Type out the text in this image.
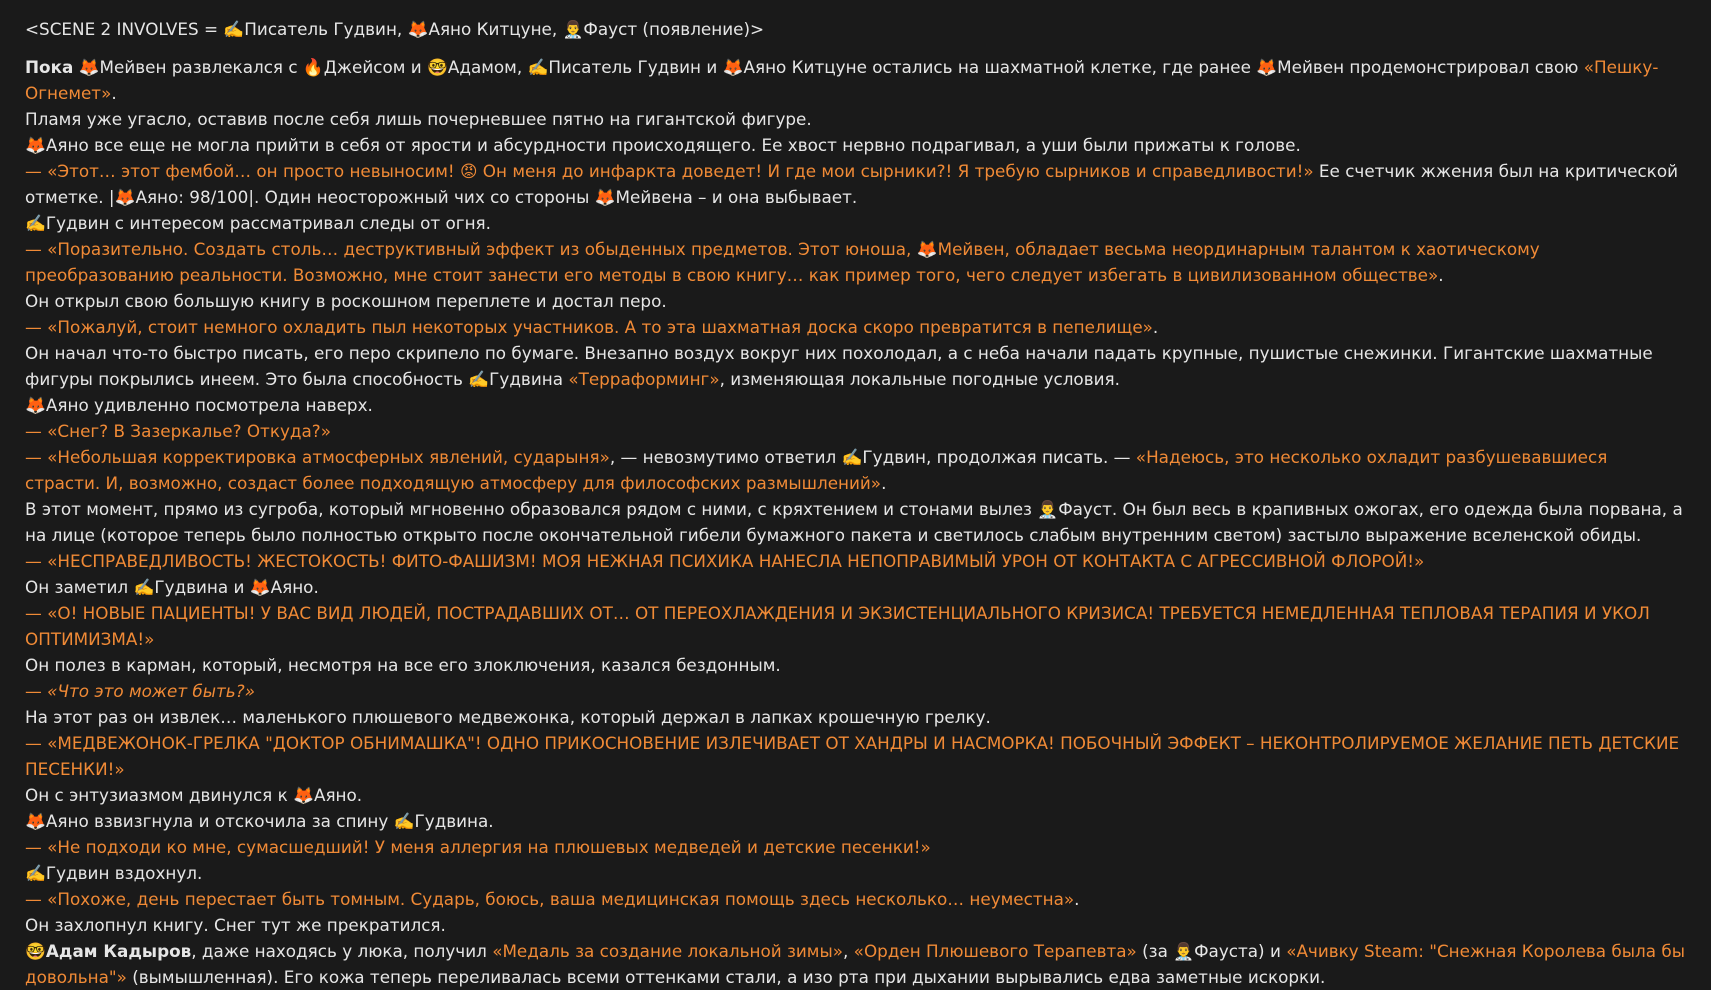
<SCENE 2 INVOLVES = ✍️Писатель Гудвин, 🦊Аяно Китцуне, 👨‍⚕️Фауст (появление)>
Пока 🦊Мейвен развлекался с 🔥Джейсом и 🤓Адамом, ✍️Писатель Гудвин и 🦊Аяно Китцуне остались на шахматной клетке, где ранее 🦊Мейвен продемонстрировал свою «Пешку-Огнемет».
Пламя уже угасло, оставив после себя лишь почерневшее пятно на гигантской фигуре.
🦊Аяно все еще не могла прийти в себя от ярости и абсурдности происходящего. Ее хвост нервно подрагивал, а уши были прижаты к голове.
— «Этот… этот фембой… он просто невыносим! 😡 Он меня до инфаркта доведет! И где мои сырники?! Я требую сырников и справедливости!» Ее счетчик жжения был на критической отметке. |🦊Аяно: 98/100|. Один неосторожный чих со стороны 🦊Мейвена – и она выбывает.
✍️Гудвин с интересом рассматривал следы от огня.
— «Поразительно. Создать столь… деструктивный эффект из обыденных предметов. Этот юноша, 🦊Мейвен, обладает весьма неординарным талантом к хаотическому преобразованию реальности. Возможно, мне стоит занести его методы в свою книгу… как пример того, чего следует избегать в цивилизованном обществе».
Он открыл свою большую книгу в роскошном переплете и достал перо.
— «Пожалуй, стоит немного охладить пыл некоторых участников. А то эта шахматная доска скоро превратится в пепелище».
Он начал что-то быстро писать, его перо скрипело по бумаге. Внезапно воздух вокруг них похолодал, а с неба начали падать крупные, пушистые снежинки. Гигантские шахматные фигуры покрылись инеем. Это была способность ✍️Гудвина «Терраформинг», изменяющая локальные погодные условия.
🦊Аяно удивленно посмотрела наверх.
— «Снег? В Зазеркалье? Откуда?»
— «Небольшая корректировка атмосферных явлений, сударыня», — невозмутимо ответил ✍️Гудвин, продолжая писать. — «Надеюсь, это несколько охладит разбушевавшиеся страсти. И, возможно, создаст более подходящую атмосферу для философских размышлений».
В этот момент, прямо из сугроба, который мгновенно образовался рядом с ними, с кряхтением и стонами вылез 👨‍⚕️Фауст. Он был весь в крапивных ожогах, его одежда была порвана, а на лице (которое теперь было полностью открыто после окончательной гибели бумажного пакета и светилось слабым внутренним светом) застыло выражение вселенской обиды.
— «НЕСПРАВЕДЛИВОСТЬ! ЖЕСТОКОСТЬ! ФИТО-ФАШИЗМ! МОЯ НЕЖНАЯ ПСИХИКА НАНЕСЛА НЕПОПРАВИМЫЙ УРОН ОТ КОНТАКТА С АГРЕССИВНОЙ ФЛОРОЙ!»
Он заметил ✍️Гудвина и 🦊Аяно.
— «О! НОВЫЕ ПАЦИЕНТЫ! У ВАС ВИД ЛЮДЕЙ, ПОСТРАДАВШИХ ОТ… ОТ ПЕРЕОХЛАЖДЕНИЯ И ЭКЗИСТЕНЦИАЛЬНОГО КРИЗИСА! ТРЕБУЕТСЯ НЕМЕДЛЕННАЯ ТЕПЛОВАЯ ТЕРАПИЯ И УКОЛ ОПТИМИЗМА!»
Он полез в карман, который, несмотря на все его злоключения, казался бездонным.
— «Что это может быть?»
На этот раз он извлек… маленького плюшевого медвежонка, который держал в лапках крошечную грелку.
— «МЕДВЕЖОНОК-ГРЕЛКА "ДОКТОР ОБНИМАШКА"! ОДНО ПРИКОСНОВЕНИЕ ИЗЛЕЧИВАЕТ ОТ ХАНДРЫ И НАСМОРКА! ПОБОЧНЫЙ ЭФФЕКТ – НЕКОНТРОЛИРУЕМОЕ ЖЕЛАНИЕ ПЕТЬ ДЕТСКИЕ ПЕСЕНКИ!»
Он с энтузиазмом двинулся к 🦊Аяно.
🦊Аяно взвизгнула и отскочила за спину ✍️Гудвина.
— «Не подходи ко мне, сумасшедший! У меня аллергия на плюшевых медведей и детские песенки!»
✍️Гудвин вздохнул.
— «Похоже, день перестает быть томным. Сударь, боюсь, ваша медицинская помощь здесь несколько… неуместна».
Он захлопнул книгу. Снег тут же прекратился.
🤓Адам Кадыров, даже находясь у люка, получил «Медаль за создание локальной зимы», «Орден Плюшевого Терапевта» (за 👨‍⚕️Фауста) и «Ачивку Steam: "Снежная Королева была бы довольна"» (вымышленная). Его кожа теперь переливалась всеми оттенками стали, а изо рта при дыхании вырывались едва заметные искорки.
